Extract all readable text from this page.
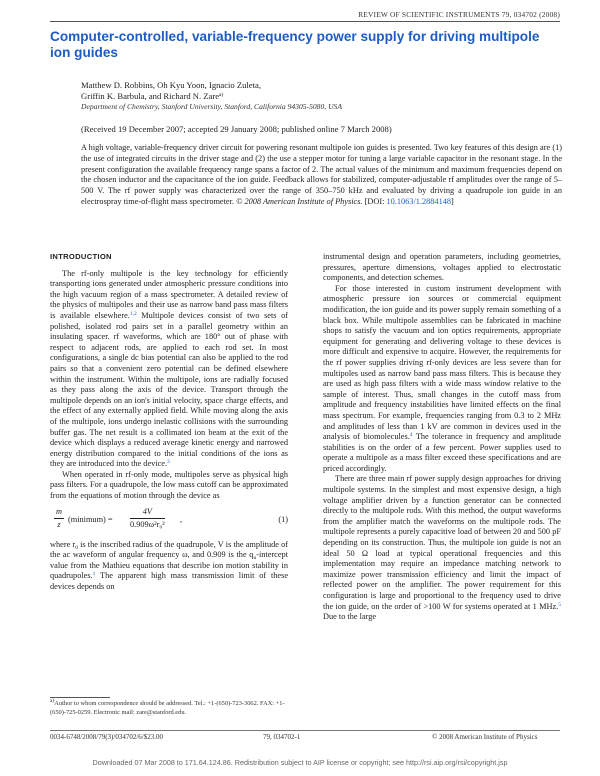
REVIEW OF SCIENTIFIC INSTRUMENTS 79, 034702 (2008)
Computer-controlled, variable-frequency power supply for driving multipole ion guides
Matthew D. Robbins, Oh Kyu Yoon, Ignacio Zuleta,
Griffin K. Barbula, and Richard N. Zare$^{a)}$
Department of Chemistry, Stanford University, Stanford, California 94305-5080, USA
(Received 19 December 2007; accepted 29 January 2008; published online 7 March 2008)
A high voltage, variable-frequency driver circuit for powering resonant multipole ion guides is presented. Two key features of this design are (1) the use of integrated circuits in the driver stage and (2) the use a stepper motor for tuning a large variable capacitor in the resonant stage. In the present configuration the available frequency range spans a factor of 2. The actual values of the minimum and maximum frequencies depend on the chosen inductor and the capacitance of the ion guide. Feedback allows for stabilized, computer-adjustable rf amplitudes over the range of 5–500 V. The rf power supply was characterized over the range of 350–750 kHz and evaluated by driving a quadrupole ion guide in an electrospray time-of-flight mass spectrometer. © 2008 American Institute of Physics. [DOI: 10.1063/1.2884148]
INTRODUCTION

The rf-only multipole is the key technology for efficiently transporting ions generated under atmospheric pressure conditions into the high vacuum region of a mass spectrometer. A detailed review of the physics of multipoles and their use as narrow band pass mass filters is available elsewhere.$^{1,2}$ Multipole devices consist of two sets of polished, isolated rod pairs set in a parallel geometry within an insulating spacer. rf waveforms, which are 180° out of phase with respect to adjacent rods, are applied to each rod set. In most configurations, a single dc bias potential can also be applied to the rod pairs so that a convenient zero potential can be defined elsewhere within the instrument. Within the multipole, ions are radially focused as they pass along the axis of the device. Transport through the multipole depends on an ion's initial velocity, space charge effects, and the effect of any externally applied field. While moving along the axis of the multipole, ions undergo inelastic collisions with the surrounding buffer gas. The net result is a collimated ion beam at the exit of the device which displays a reduced average kinetic energy and narrowed energy distribution compared to the initial conditions of the ions as they are introduced into the device.$^3$

When operated in rf-only mode, multipoles serve as physical high pass filters. For a quadrupole, the low mass cutoff can be approximated from the equations of motion through the device as

$\frac{m}{z}$ (minimum) = $\frac{4V}{\text{0.909ω²r₀²}}$ ,	(1)

where $r_0$ is the inscribed radius of the quadrupole, V is the amplitude of the ac waveform of angular frequency ω, and 0.909 is the $q_u$-intercept value from the Mathieu equations that describe ion motion stability in quadrupoles.$^1$ The apparent high mass transmission limit of these devices depends on

instrumental design and operation parameters, including geometries, pressures, aperture dimensions, voltages applied to electrostatic components, and detection schemes.

For those interested in custom instrument development with atmospheric pressure ion sources or commercial equipment modification, the ion guide and its power supply remain something of a black box. While multipole assemblies can be fabricated in machine shops to satisfy the vacuum and ion optics requirements, appropriate equipment for generating and delivering voltage to these devices is more difficult and expensive to acquire. However, the requirements for the rf power supplies driving rf-only devices are less severe than for multipoles used as narrow band pass mass filters. This is because they are used as high pass filters with a wide mass window relative to the sample of interest. Thus, small changes in the cutoff mass from amplitude and frequency instabilities have limited effects on the final mass spectrum. For example, frequencies ranging from 0.3 to 2 MHz and amplitudes of less than 1 kV are common in devices used in the analysis of biomolecules.$^4$ The tolerance in frequency and amplitude stabilities is on the order of a few percent. Power supplies used to operate a multipole as a mass filter exceed these specifications and are priced accordingly.

There are three main rf power supply design approaches for driving multipole systems. In the simplest and most expensive design, a high voltage amplifier driven by a function generator can be connected directly to the multipole rods. With this method, the output waveforms from the amplifier match the waveforms on the multipole rods. The multipole represents a purely capacitive load of between 20 and 500 pF depending on its construction. Thus, the multipole ion guide is not an ideal 50 Ω load at typical operational frequencies and this implementation may require an impedance matching network to maximize power transmission efficiency and limit the impact of reflected power on the amplifier. The power requirement for this configuration is large and proportional to the frequency used to drive the ion guide, on the order of >100 W for systems operated at 1 MHz.$^5$ Due to the large

$^{a)}$Author to whom correspondence should be addressed. Tel.: +1-(650)-723-3062. FAX: +1-(650)-725-0259. Electronic mail: zare@stanford.edu.
0034-6748/2008/79(3)/034702/6/$23.00	79, 034702-1	© 2008 American Institute of Physics
Downloaded 07 Mar 2008 to 171.64.124.86. Redistribution subject to AIP license or copyright; see http://rsi.aip.org/rsi/copyright.jsp
